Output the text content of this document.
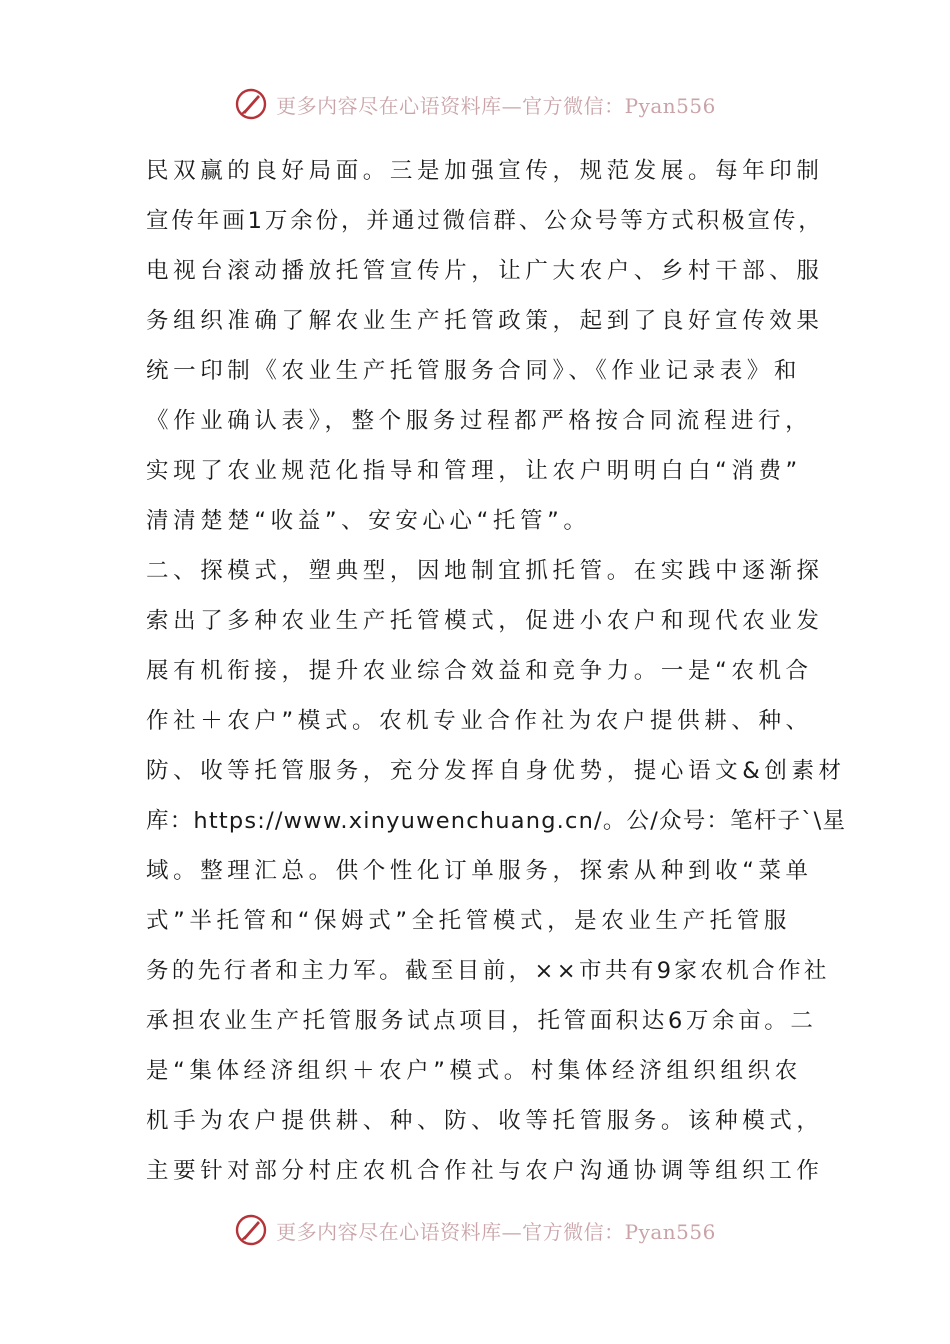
更多内容尽在心语资料库—官方微信：Pyan556
民双赢的良好局面。三是加强宣传，规范发展。每年印制
宣传年画1万余份，并通过微信群、公众号等方式积极宣传，
电视台滚动播放托管宣传片，让广大农户、乡村干部、服
务组织准确了解农业生产托管政策，起到了良好宣传效果
统一印制《农业生产托管服务合同》、《作业记录表》和
《作业确认表》，整个服务过程都严格按合同流程进行，
实现了农业规范化指导和管理，让农户明明白白“消费”
清清楚楚“收益”、安安心心“托管”。
二、探模式，塑典型，因地制宜抓托管。在实践中逐渐探
索出了多种农业生产托管模式，促进小农户和现代农业发
展有机衔接，提升农业综合效益和竞争力。一是“农机合
作社＋农户”模式。农机专业合作社为农户提供耕、种、
防、收等托管服务，充分发挥自身优势，提心语文&创素材
库：https://www.xinyuwenchuang.cn/。公/众号：笔杆子`\星
域。整理汇总。供个性化订单服务，探索从种到收“菜单
式”半托管和“保姆式”全托管模式，是农业生产托管服
务的先行者和主力军。截至目前，××市共有9家农机合作社
承担农业生产托管服务试点项目，托管面积达6万余亩。二
是“集体经济组织＋农户”模式。村集体经济组织组织农
机手为农户提供耕、种、防、收等托管服务。该种模式，
主要针对部分村庄农机合作社与农户沟通协调等组织工作
更多内容尽在心语资料库—官方微信：Pyan556
